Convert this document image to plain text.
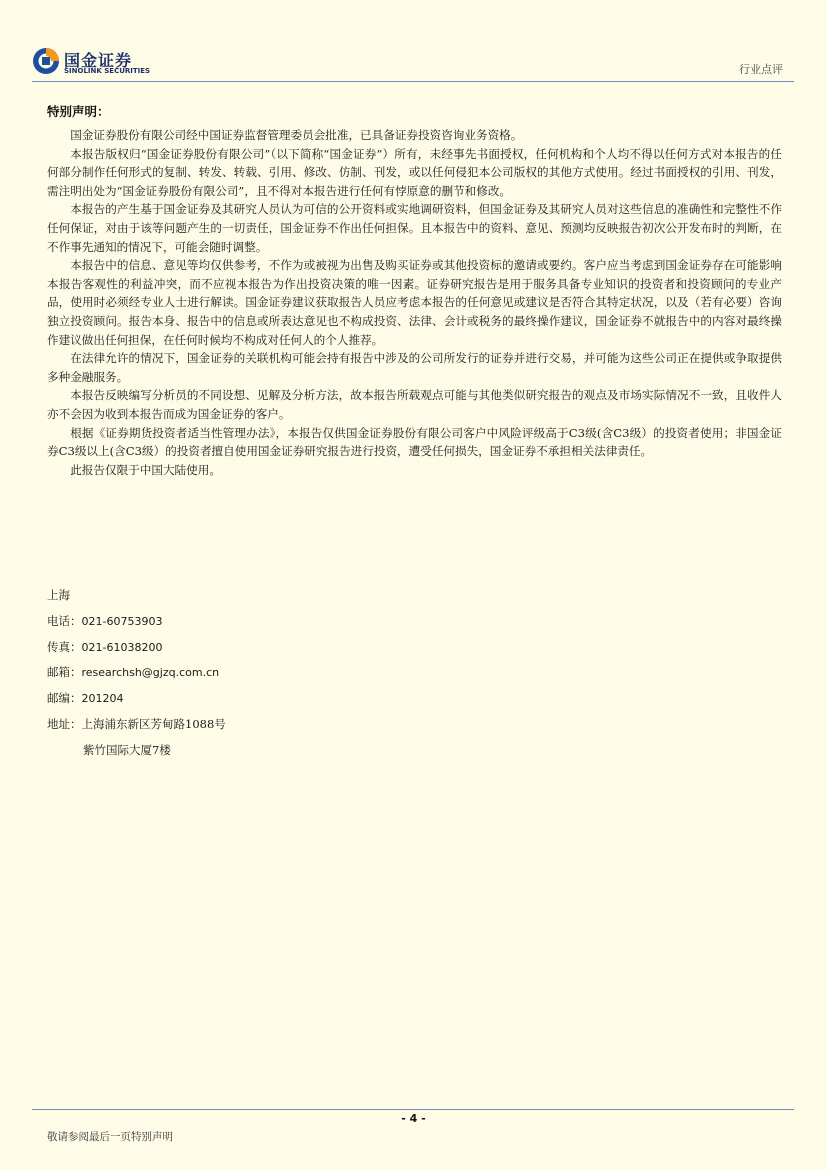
国金证券
SINOLINK SECURITIES	行业点评
特别声明：

国金证券股份有限公司经中国证券监督管理委员会批准，已具备证券投资咨询业务资格。

本报告版权归“国金证券股份有限公司”（以下简称“国金证券”）所有，未经事先书面授权，任何机构和个人均不得以任何方式对本报告的任何部分制作任何形式的复制、转发、转载、引用、修改、仿制、刊发，或以任何侵犯本公司版权的其他方式使用。经过书面授权的引用、刊发，需注明出处为“国金证券股份有限公司”，且不得对本报告进行任何有悖原意的删节和修改。

本报告的产生基于国金证券及其研究人员认为可信的公开资料或实地调研资料，但国金证券及其研究人员对这些信息的准确性和完整性不作任何保证，对由于该等问题产生的一切责任，国金证券不作出任何担保。且本报告中的资料、意见、预测均反映报告初次公开发布时的判断，在不作事先通知的情况下，可能会随时调整。

本报告中的信息、意见等均仅供参考，不作为或被视为出售及购买证券或其他投资标的邀请或要约。客户应当考虑到国金证券存在可能影响本报告客观性的利益冲突，而不应视本报告为作出投资决策的唯一因素。证券研究报告是用于服务具备专业知识的投资者和投资顾问的专业产品，使用时必须经专业人士进行解读。国金证券建议获取报告人员应考虑本报告的任何意见或建议是否符合其特定状况，以及（若有必要）咨询独立投资顾问。报告本身、报告中的信息或所表达意见也不构成投资、法律、会计或税务的最终操作建议，国金证券不就报告中的内容对最终操作建议做出任何担保，在任何时候均不构成对任何人的个人推荐。

在法律允许的情况下，国金证券的关联机构可能会持有报告中涉及的公司所发行的证券并进行交易，并可能为这些公司正在提供或争取提供多种金融服务。

本报告反映编写分析员的不同设想、见解及分析方法，故本报告所载观点可能与其他类似研究报告的观点及市场实际情况不一致，且收件人亦不会因为收到本报告而成为国金证券的客户。

根据《证券期货投资者适当性管理办法》，本报告仅供国金证券股份有限公司客户中风险评级高于C3级(含C3级）的投资者使用；非国金证券C3级以上(含C3级）的投资者擅自使用国金证券研究报告进行投资，遭受任何损失，国金证券不承担相关法律责任。

此报告仅限于中国大陆使用。

上海
电话：021-60753903
传真：021-61038200
邮箱：researchsh@gjzq.com.cn
邮编：201204
地址：上海浦东新区芳甸路1088号
紫竹国际大厦7楼
- 4 -
敬请参阅最后一页特别声明
